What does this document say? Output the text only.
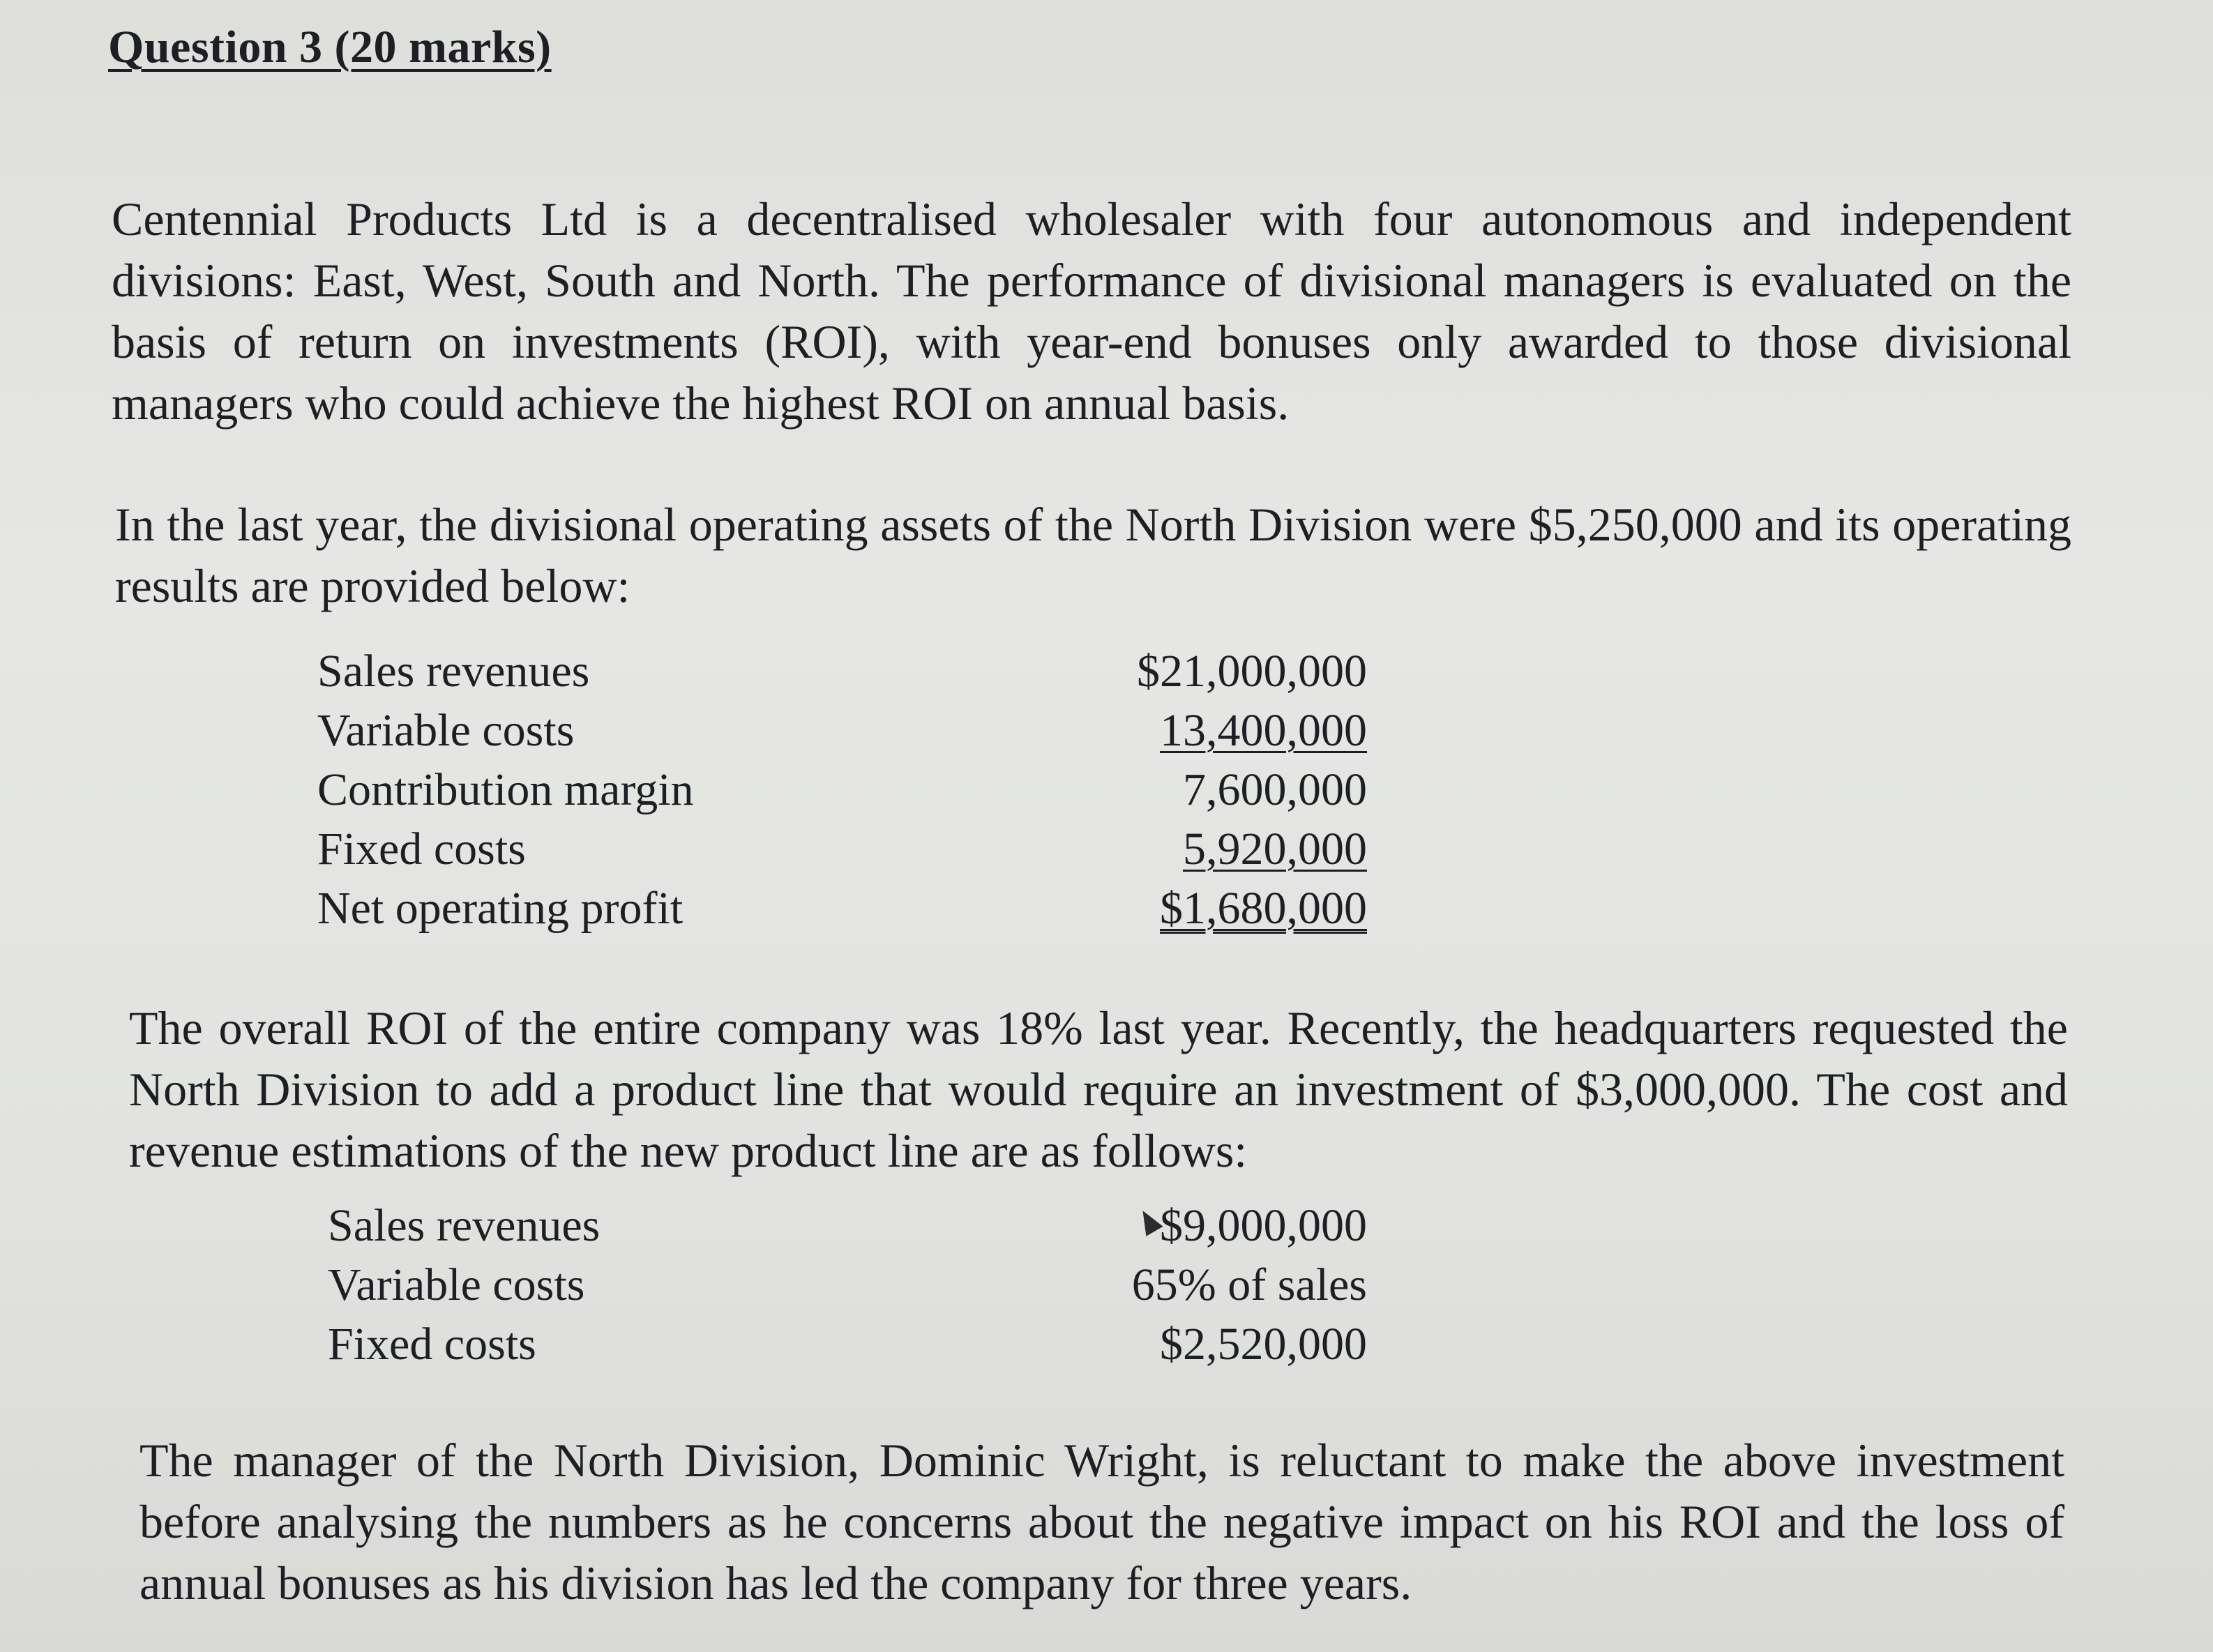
Question 3 (20 marks)
Centennial Products Ltd is a decentralised wholesaler with four autonomous and independent divisions: East, West, South and North. The performance of divisional managers is evaluated on the basis of return on investments (ROI), with year-end bonuses only awarded to those divisional managers who could achieve the highest ROI on annual basis.
In the last year, the divisional operating assets of the North Division were $5,250,000 and its operating results are provided below:
Sales revenues	$21,000,000
Variable costs	13,400,000
Contribution margin	7,600,000
Fixed costs	5,920,000
Net operating profit	$1,680,000
The overall ROI of the entire company was 18% last year. Recently, the headquarters requested the North Division to add a product line that would require an investment of $3,000,000. The cost and revenue estimations of the new product line are as follows:
Sales revenues	$9,000,000
Variable costs	65% of sales
Fixed costs	$2,520,000
The manager of the North Division, Dominic Wright, is reluctant to make the above investment before analysing the numbers as he concerns about the negative impact on his ROI and the loss of annual bonuses as his division has led the company for three years.
